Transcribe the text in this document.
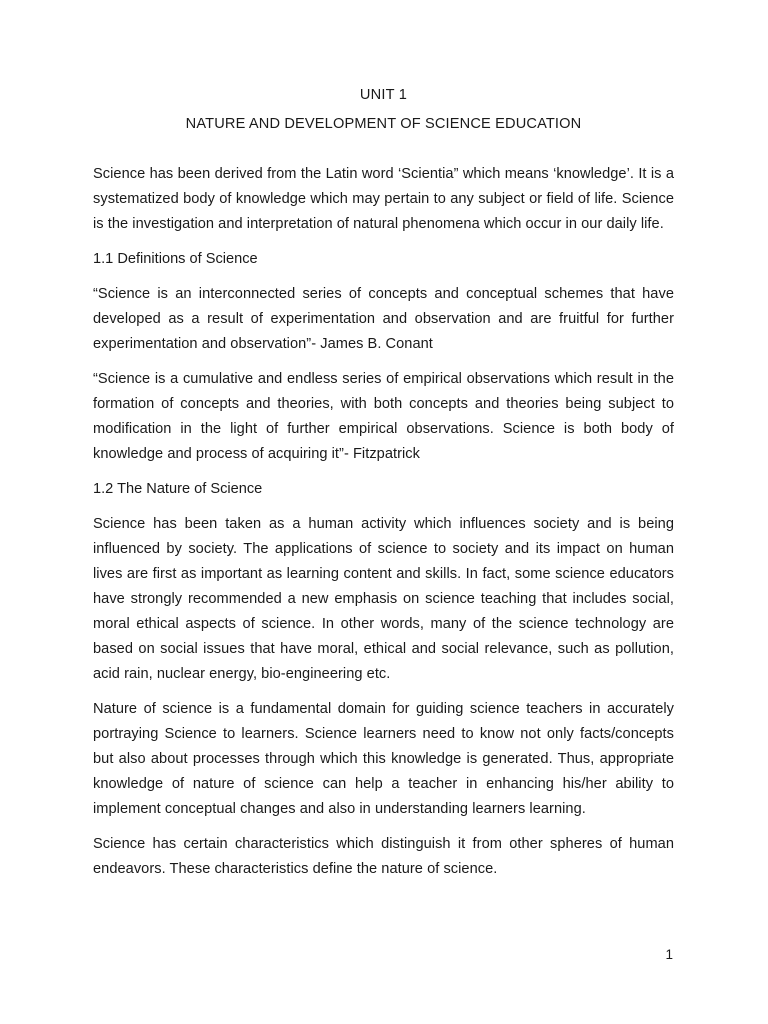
UNIT 1

NATURE AND DEVELOPMENT OF SCIENCE EDUCATION

Science has been derived from the Latin word ‘Scientia” which means ‘knowledge’. It is a systematized body of knowledge which may pertain to any subject or field of life. Science is the investigation and interpretation of natural phenomena which occur in our daily life.

1.1 Definitions of Science

“Science is an interconnected series of concepts and conceptual schemes that have developed as a result of experimentation and observation and are fruitful for further experimentation and observation”- James B. Conant

“Science is a cumulative and endless series of empirical observations which result in the formation of concepts and theories, with both concepts and theories being subject to modification in the light of further empirical observations. Science is both body of knowledge and process of acquiring it”- Fitzpatrick

1.2 The Nature of Science

Science has been taken as a human activity which influences society and is being influenced by society. The applications of science to society and its impact on human lives are first as important as learning content and skills. In fact, some science educators have strongly recommended a new emphasis on science teaching that includes social, moral ethical aspects of science. In other words, many of the science technology are based on social issues that have moral, ethical and social relevance, such as pollution, acid rain, nuclear energy, bio-engineering etc.

Nature of science is a fundamental domain for guiding science teachers in accurately portraying Science to learners. Science learners need to know not only facts/concepts but also about processes through which this knowledge is generated. Thus, appropriate knowledge of nature of science can help a teacher in enhancing his/her ability to implement conceptual changes and also in understanding learners learning.

Science has certain characteristics which distinguish it from other spheres of human endeavors. These characteristics define the nature of science.

1
